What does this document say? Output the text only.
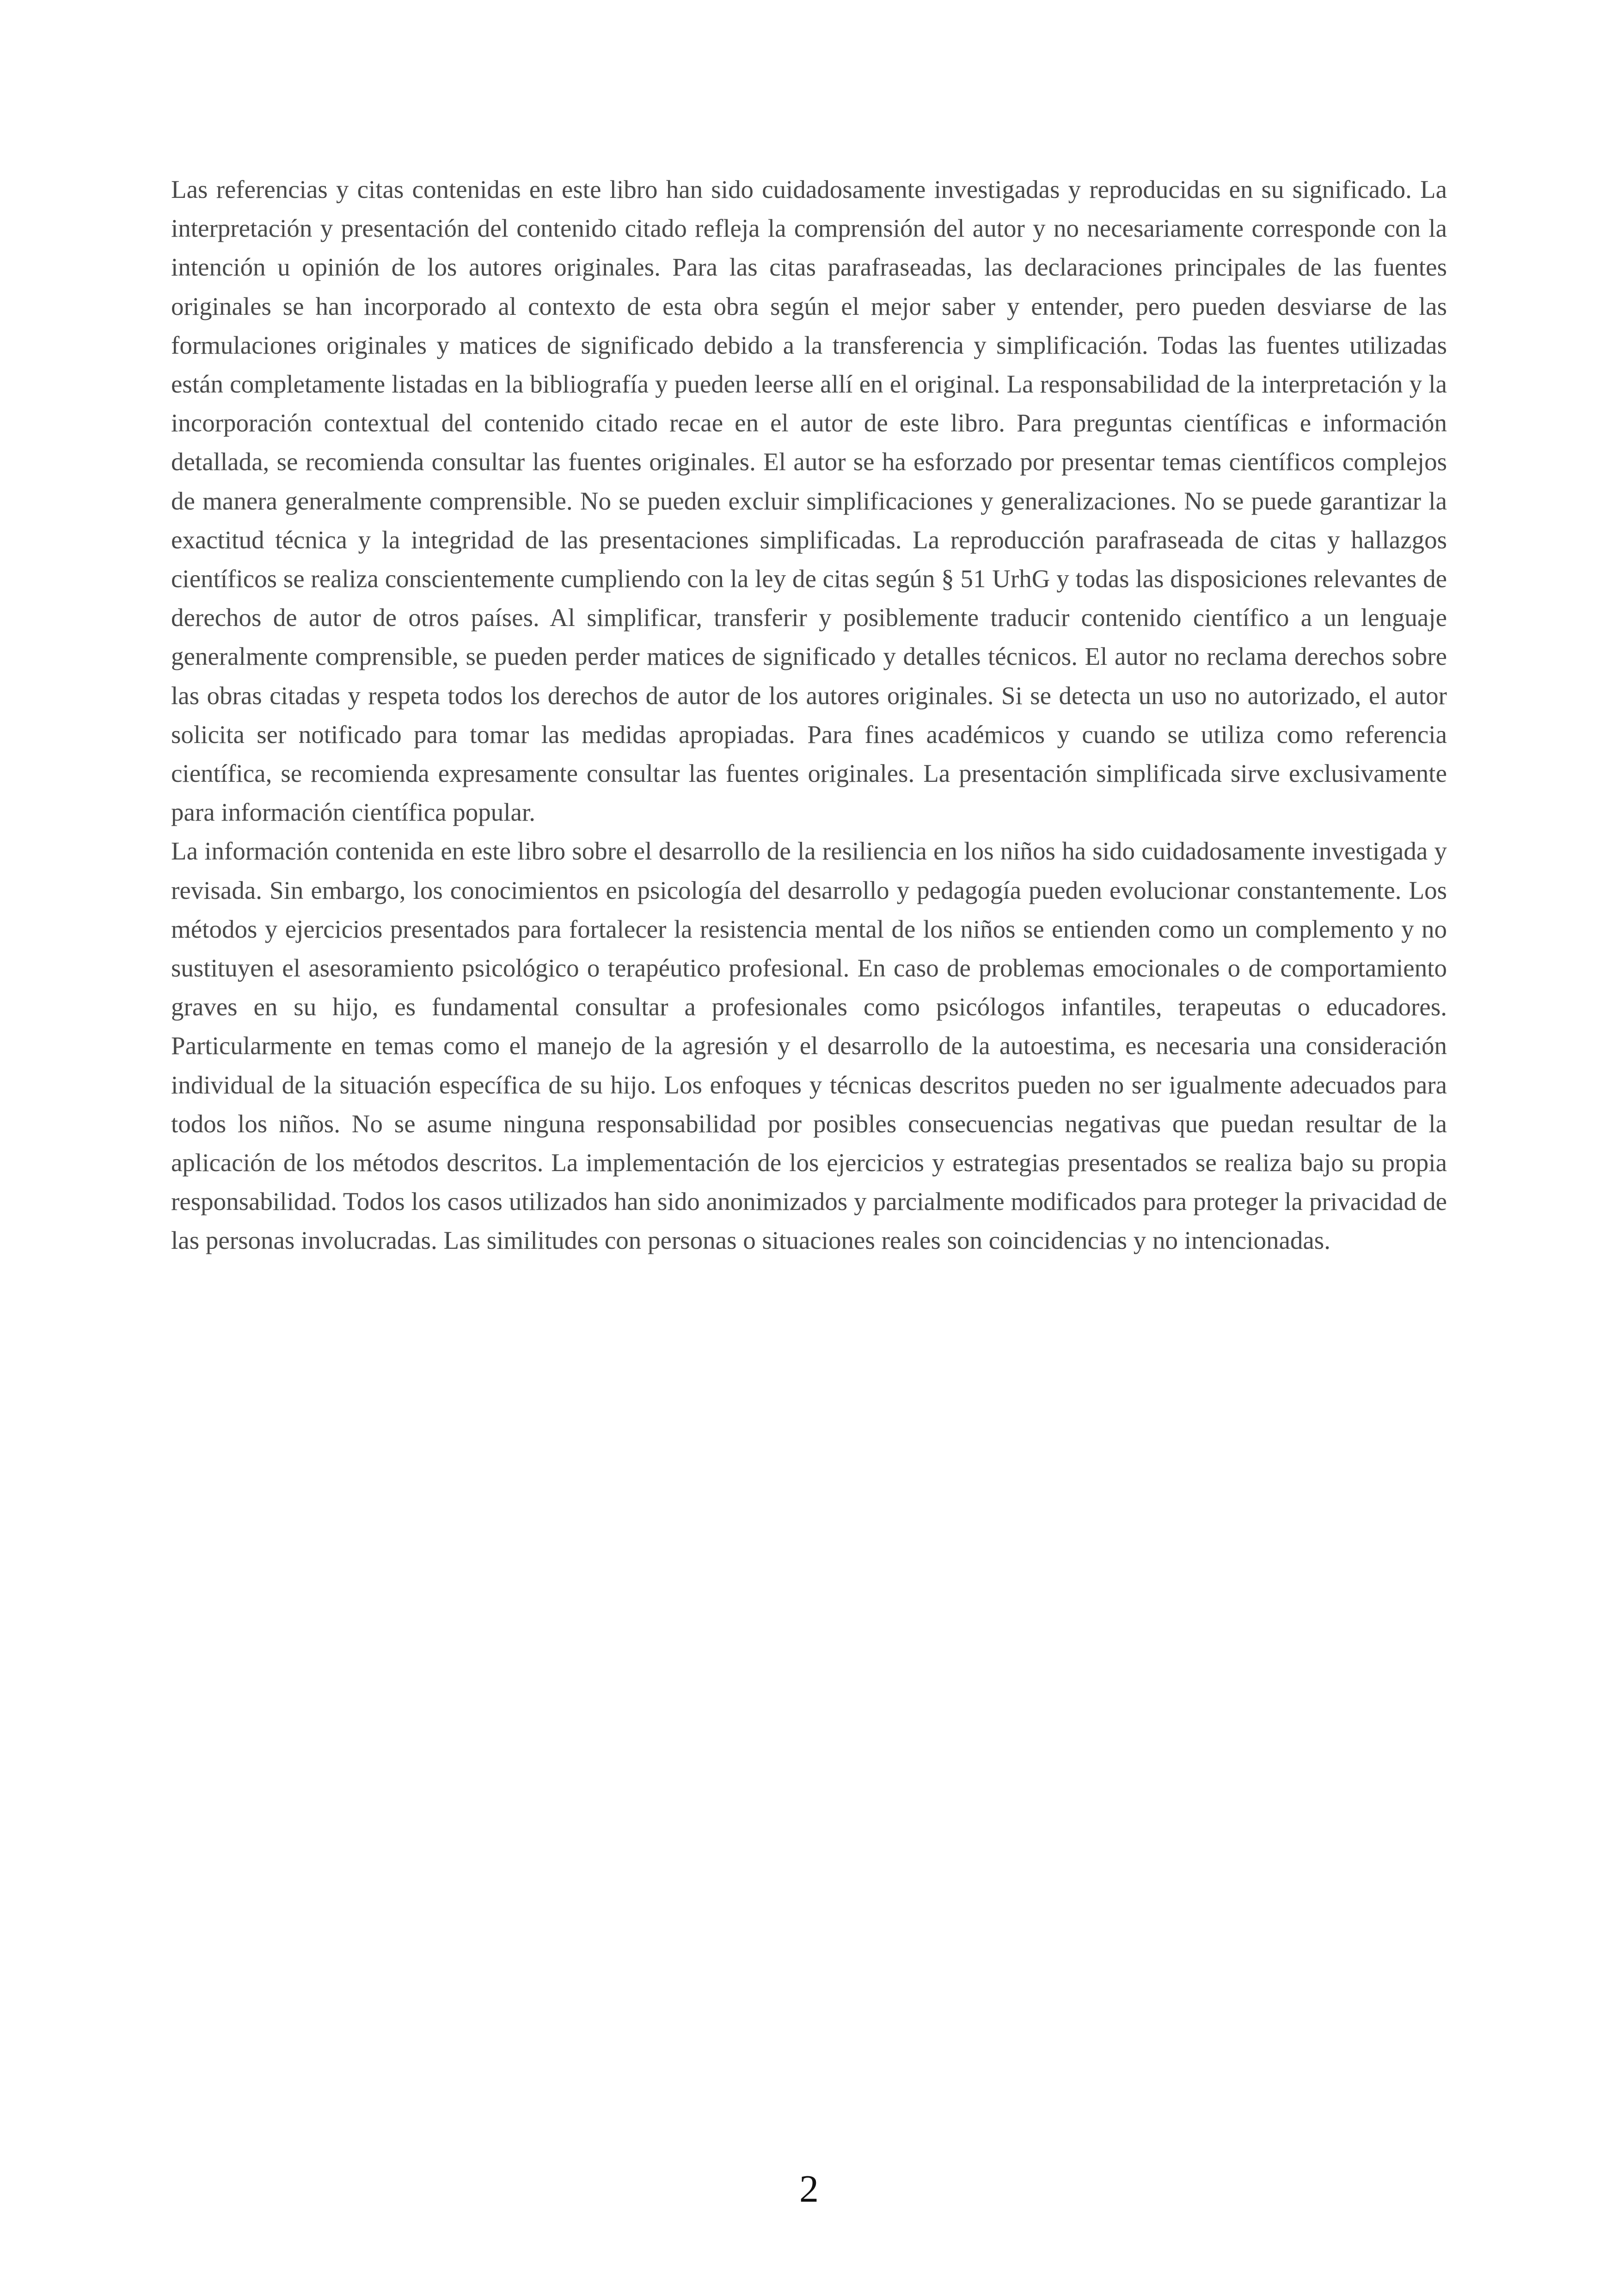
Las referencias y citas contenidas en este libro han sido cuidadosamente investigadas y reproducidas en su significado. La interpretación y presentación del contenido citado refleja la comprensión del autor y no necesariamente corresponde con la intención u opinión de los autores originales. Para las citas parafraseadas, las declaraciones principales de las fuentes originales se han incorporado al contexto de esta obra según el mejor saber y entender, pero pueden desviarse de las formulaciones originales y matices de significado debido a la transferencia y simplificación. Todas las fuentes utilizadas están completamente listadas en la bibliografía y pueden leerse allí en el original. La responsabilidad de la interpretación y la incorporación contextual del contenido citado recae en el autor de este libro. Para preguntas científicas e información detallada, se recomienda consultar las fuentes originales. El autor se ha esforzado por presentar temas científicos complejos de manera generalmente comprensible. No se pueden excluir simplificaciones y generalizaciones. No se puede garantizar la exactitud técnica y la integridad de las presentaciones simplificadas. La reproducción parafraseada de citas y hallazgos científicos se realiza conscientemente cumpliendo con la ley de citas según § 51 UrhG y todas las disposiciones relevantes de derechos de autor de otros países. Al simplificar, transferir y posiblemente traducir contenido científico a un lenguaje generalmente comprensible, se pueden perder matices de significado y detalles técnicos. El autor no reclama derechos sobre las obras citadas y respeta todos los derechos de autor de los autores originales. Si se detecta un uso no autorizado, el autor solicita ser notificado para tomar las medidas apropiadas. Para fines académicos y cuando se utiliza como referencia científica, se recomienda expresamente consultar las fuentes originales. La presentación simplificada sirve exclusivamente para información científica popular.

La información contenida en este libro sobre el desarrollo de la resiliencia en los niños ha sido cuidadosamente investigada y revisada. Sin embargo, los conocimientos en psicología del desarrollo y pedagogía pueden evolucionar constantemente. Los métodos y ejercicios presentados para fortalecer la resistencia mental de los niños se entienden como un complemento y no sustituyen el asesoramiento psicológico o terapéutico profesional. En caso de problemas emocionales o de comportamiento graves en su hijo, es fundamental consultar a profesionales como psicólogos infantiles, terapeutas o educadores. Particularmente en temas como el manejo de la agresión y el desarrollo de la autoestima, es necesaria una consideración individual de la situación específica de su hijo. Los enfoques y técnicas descritos pueden no ser igualmente adecuados para todos los niños. No se asume ninguna responsabilidad por posibles consecuencias negativas que puedan resultar de la aplicación de los métodos descritos. La implementación de los ejercicios y estrategias presentados se realiza bajo su propia responsabilidad. Todos los casos utilizados han sido anonimizados y parcialmente modificados para proteger la privacidad de las personas involucradas. Las similitudes con personas o situaciones reales son coincidencias y no intencionadas.

2
